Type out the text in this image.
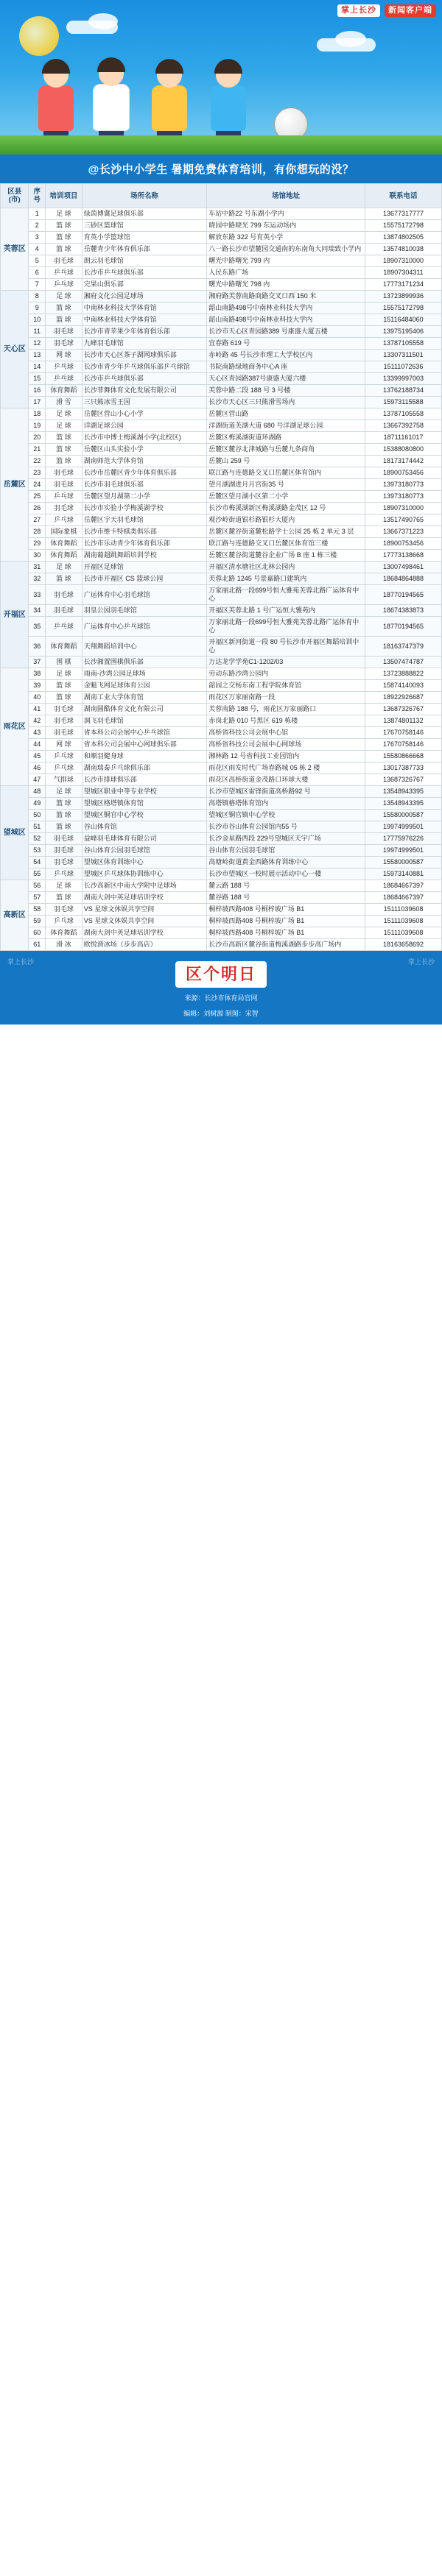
掌上长沙	新闻客户端
@长沙中小学生 暑期免费体育培训，有你想玩的没？
区县(市)	序号	培训项目	场所名称	场馆地址	联系电话
芙蓉区	1	足 球	绿茵博冀足球俱乐部	车站中路22 号东湖小学内	13677317777
	2	篮 球	三砂区篮球馆	晓园中路晓光 799 东运动场内	15575172798
	3	篮 球	育英小学篮球馆	解放东路 322 号育英小学	13874802505
	4	篮 球	岳麓青少年体育俱乐部	八一路长沙市望麓园交通南的东南角大同瑞致小学内	13574810038
	5	羽毛球	朗云羽毛球馆	曙光中路曙光 799 内	18907310000
	6	乒乓球	长沙市乒乓球俱乐部	人民东路广场	18907304311
	7	乒乓球	完果山俱乐部	曙光中路曙光 798 内	17773171234
天心区	8	足 球	湘府文化公园足球场	湘府路芙蓉南路商路交叉口西 150 米	13723899936
	9	篮 球	中南林业科技大学体育馆	韶山南路498号中南林业科技大学内	15575172798
	10	篮 球	中南林业科技大学体育馆	韶山南路498号中南林业科技大学内	15116484060
	11	羽毛球	长沙市青苹果少年体育俱乐部	长沙市天心区青园路389 号康盛大厦五楼	13975195406
	12	羽毛球	九峰羽毛球馆	宜春路 619 号	13787105558
	13	网 球	长沙市天心区茶子湖网球俱乐部	赤岭路 45 号长沙市理工大学校区内	13307311501
	14	乒乓球	长沙市青少年乒乓球俱乐部乒乓球馆	书院南路绿地商务中心A 座	15111072636
	15	乒乓球	长沙市乒乓球俱乐部	天心区青园路387号康盛大厦六楼	13399997003
	16	体育舞蹈	长沙菲舞体育文化发展有限公司	芙蓉中路二段 188 号 3 号楼	13762188734
	17	滑 雪	三只熊冰雪王国	长沙市天心区三只熊滑雪场内	15973115588
岳麓区	18	足 球	岳麓区营山小心小学	岳麓区营山路	13787105558
	19	足 球	洋湖足球公园	洋湖街道芙湖大道 680 号洋湖足球公园	13667392758
	20	篮 球	长沙市中博士梅溪湖小学(北校区)	岳麓区梅溪湖街道环湖路	18711161017
	21	篮 球	岳麓区山头实验小学	岳麓区麓谷北津城路与岳麓九条商角	15388080800
	22	篮 球	湖南师范大学体育馆	岳麓山 259 号	18173174442
	23	羽毛球	长沙市岳麓区青少年体育俱乐部	联江路与连德路交叉口岳麓区体育馆内	18900753456
	24	羽毛球	长沙市羽毛球俱乐部	望月湖湖进月月宫街35 号	13973180773
	25	乒乓球	岳麓区望月湖第二小学	岳麓区望月湖小区第二小学	13973180773
	26	羽毛球	长沙市实验小学梅溪湖学校	长沙市梅溪湖新区梅溪湖路金茂区 12 号	18907310000
	27	乒乓球	岳麓区宇天羽毛球馆	观沙岭街道银杉路银杉大厦内	13517490765
	28	国际象棋	长沙市维卡特棋类俱乐部	岳麓区麓谷街道麓松路学士公园 25 栋 2 单元 3 层	13667371223
	29	体育舞蹈	长沙市乐动青少年体育俱乐部	联江路与连德路交叉口岳麓区体育馆三楼	18900753456
	30	体育舞蹈	湖南葡超跳舞蹈培训学校	岳麓区麓谷街道麓谷企业广场 B 座 1 栋三楼	17773138668
开福区	31	足 球	开福区足球馆	开福区清水塘社区北林公园内	13007498461
	32	篮 球	长沙市开福区 CS 篮球公园	芙蓉北路 1245 号景嘉路口建筑内	18684864888
	33	羽毛球	广运体育中心羽毛球馆	万家丽北路一段699号恒大雅苑芙蓉北路广运体育中心	18770194565
	34	羽毛球	羽皇公园羽毛球馆	开福区芙蓉北路 1 号广运恒大雅苑内	18674383873
	35	乒乓球	广运体育中心乒乓球馆	万家丽北路一段699号恒大雅苑芙蓉北路广运体育中心	18770194565
	36	体育舞蹈	天翔舞蹈培训中心	开福区新河街道一段 80 号长沙市开福区舞蹈培训中心	18163747379
	37	围 棋	长沙湘置围棋俱乐部	万达龙学学苑C1-1202/03	13507474787
雨花区	38	足 球	雨南-沙湾公园足球场	劳动东路沙湾公园内	13723888822
	39	篮 球	金魁飞网足球体育公园	韶园之交杨东南工程学院体育馆	15874140093
	40	篮 球	湖南工业大学体育馆	雨花区万家丽南路一段	18922926687
	41	羽毛球	湖南圆酷体育文化有限公司	芙蓉南路 188 号，雨花区万家丽路口	13687326767
	42	羽毛球	洞飞羽毛球馆	赤岗北路 010 号黑区 619 栋楼	13874801132
	43	羽毛球	省本科公司会展中心乒乓球馆	高桥省科技公司会展中心馆	17670758146
	44	网 球	省本科公司会展中心网球俱乐部	高桥省科技公司会展中心网球场	17670758146
	45	乒乓球	和顺羽健身球	湘林路 12 号省科技工业园馆内	15580866668
	46	乒乓球	湖南瑞泰乒乓球俱乐部	雨花区雨发时代广场春路城 05 栋 2 楼	13017387733
	47	气排球	长沙市排球俱乐部	雨花区高桥街道金茂路口环球大楼	13687326767
望城区	48	足 球	望城区职业中等专业学校	长沙市望城区雷锋街道高桥路92 号	13548943395
	49	篮 球	望城区格塔镇体育馆	高塔镇格塔体育馆内	13548943395
	50	篮 球	望城区铜官中心学校	望城区铜官镇中心学校	15580000587
	51	篮 球	谷山体育馆	长沙市谷山体育公园馆内55 号	19974999501
	52	羽毛球	益峰羽毛球体育有限公司	长沙金星路西段 229号望城区天宇广场	17775976226
	53	羽毛球	谷山体育公园羽毛球馆	谷山体育公园羽毛球馆	19974999501
	54	羽毛球	望城区体育训练中心	高塘岭街道黄金西路体育训练中心	15580000587
	55	乒乓球	望城区乒乓球体协训练中心	长沙市望城区一校时展示活动中心一楼	15973140881
高新区	56	足 球	长沙高新区中南大学附中足球场	麓云路 188 号	18684667397
	57	篮 球	湖南大剑中英足球培训学校	麓谷路 188 号	18684667397
	58	羽毛球	VS 星球文体娱共享空间	桐梓坡西路408 号桐梓坡广场 B1	15111039608
	59	乒乓球	VS 星球文体娱共享空间	桐梓坡西路408 号桐梓坡广场 B1	15111039608
	60	体育舞蹈	湖南大剑中英足球培训学校	桐梓坡西路408 号桐梓坡广场 B1	15111039608
	61	滑 冰	欧悦滑冰场（步步高店）	长沙市高新区麓谷街道梅溪湖路步步高广场内	18163658692
掌上长沙	掌上长沙
区个明日
来源：长沙市体育局官网
编辑：刘树源 制图：宋智
